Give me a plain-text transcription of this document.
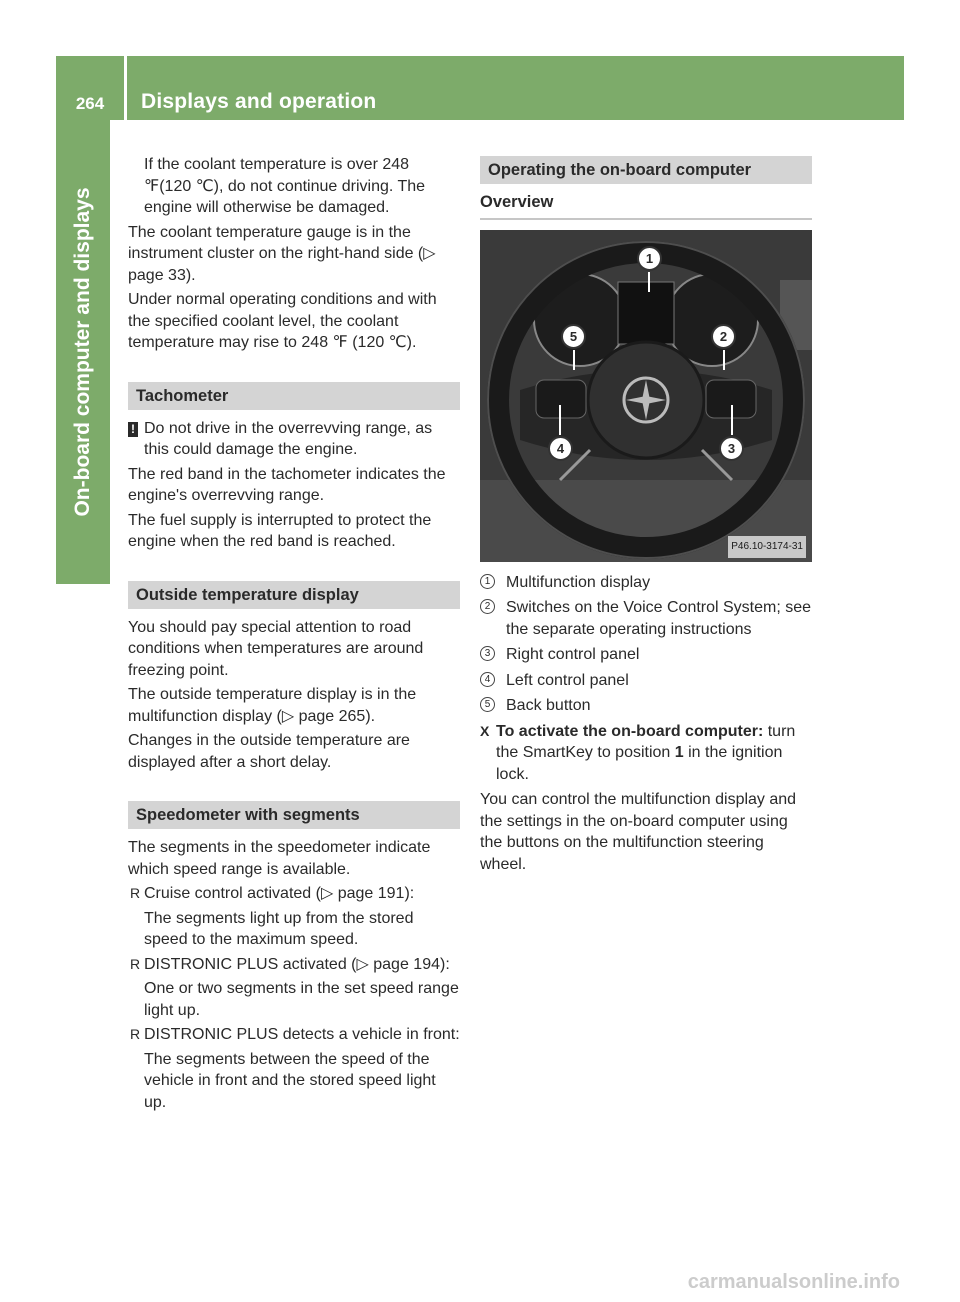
264	Displays and operation
On-board computer and displays
If the coolant temperature is over 248 ℉(120 ℃), do not continue driving. The engine will otherwise be damaged.
The coolant temperature gauge is in the instrument cluster on the right-hand side (▷ page 33).
Under normal operating conditions and with the specified coolant level, the coolant temperature may rise to 248 ℉ (120 ℃).
Tachometer
! Do not drive in the overrevving range, as this could damage the engine.
The red band in the tachometer indicates the engine's overrevving range.
The fuel supply is interrupted to protect the engine when the red band is reached.
Outside temperature display
You should pay special attention to road conditions when temperatures are around freezing point.
The outside temperature display is in the multifunction display (▷ page 265).
Changes in the outside temperature are displayed after a short delay.
Speedometer with segments
The segments in the speedometer indicate which speed range is available.
R Cruise control activated (▷ page 191):
The segments light up from the stored speed to the maximum speed.
R DISTRONIC PLUS activated (▷ page 194):
One or two segments in the set speed range light up.
R DISTRONIC PLUS detects a vehicle in front:
The segments between the speed of the vehicle in front and the stored speed light up.
Operating the on-board computer
Overview
1
2
3
4
5
P46.10-3174-31
1 Multifunction display
2 Switches on the Voice Control System; see the separate operating instructions
3 Right control panel
4 Left control panel
5 Back button
X To activate the on-board computer: turn the SmartKey to position 1 in the ignition lock.
You can control the multifunction display and the settings in the on-board computer using the buttons on the multifunction steering wheel.
carmanualsonline.info
